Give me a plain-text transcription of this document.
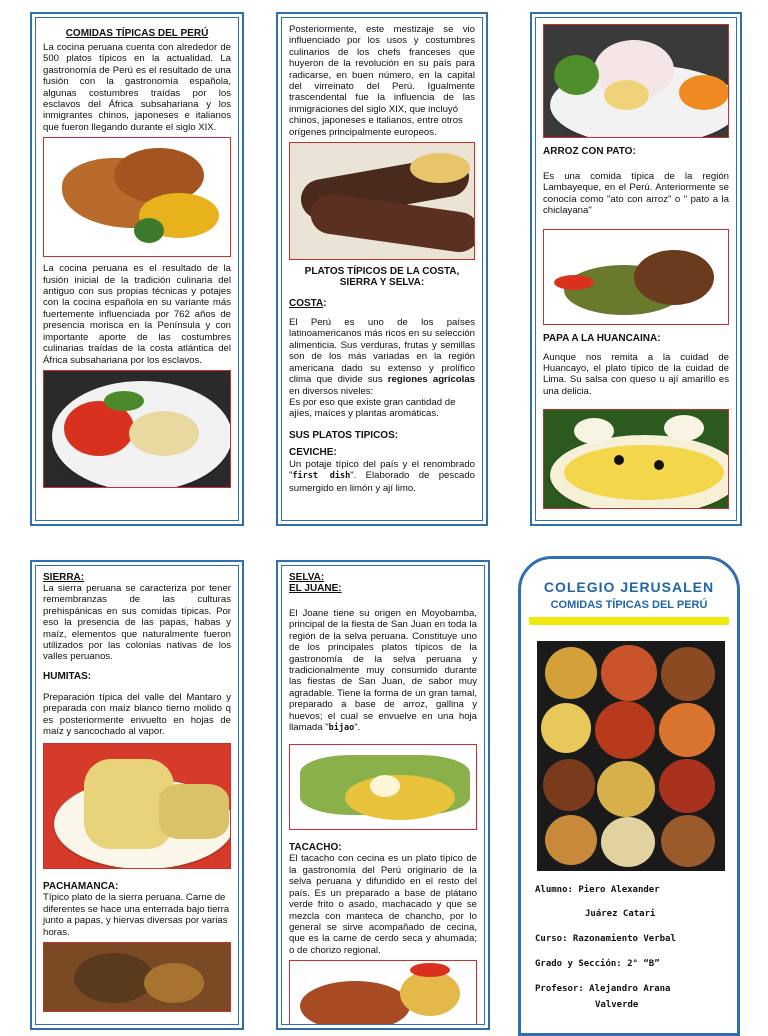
COMIDAS TÍPICAS DEL PERÚ

La cocina peruana cuenta con alrededor de 500 platos típicos en la actualidad. La gastronomía de Perú es el resultado de una fusión con la gastronomía española, algunas costumbres traídas por los esclavos del África subsahariana y los inmigrantes chinos, japoneses e italianos que fueron llegando durante el siglo XIX.

La cocina peruana es el resultado de la fusión inicial de la tradición culinaria del antiguo con sus propias técnicas y potajes con la cocina española en su variante más fuertemente influenciada por 762 años de presencia morisca en la Península y con importante aporte de las costumbres culinarias traídas de la costa atlántica del África subsahariana por los esclavos.

Posteriormente, este mestizaje se vio influenciado por los usos y costumbres culinarios de los chefs franceses que huyeron de la revolución en su país para radicarse, en buen número, en la capital del virreinato del Perú. Igualmente trascendental fue la influencia de las inmigraciones del siglo XIX, que incluyó

chinos, japoneses e italianos, entre otros orígenes principalmente europeos.

PLATOS TÍPICOS DE LA COSTA, SIERRA Y SELVA:
COSTA:

El Perú es uno de los países latinoamericanos más ricos en su selección alimenticia. Sus verduras, frutas y semillas son de los más variadas en la región americana dado su extenso y prolífico clima que divide sus regiones agrícolas en diversos niveles:

Es por eso que existe gran cantidad de ajíes, maíces y plantas aromáticas.

SUS PLATOS TIPICOS:
CEVICHE:

Un potaje típico del país y el renombrado "first dish". Elaborado de pescado sumergido en limón y ají limo.

ARROZ CON PATO:

Es una comida típica de la región Lambayeque, en el Perú. Anteriormente se conocía como "ato con arroz" o " pato a la chiclayana"

PAPA A LA HUANCAINA:

Aunque nos remita a la cuidad de Huancayo, el plato típico de la cuidad de Lima. Su salsa con queso u ají amarillo es una delicia.

SIERRA:

La sierra peruana se caracteriza por tener remembranzas de las culturas prehispánicas en sus comidas típicas. Por eso la presencia de las papas, habas y maíz, elementos que naturalmente fueron utilizados por las colonias nativas de los valles peruanos.

HUMITAS:

Preparación típica del valle del Mantaro y preparada con maíz blanco tierno molido q es posteriormente envuelto en hojas de maíz y sancochado al vapor.

PACHAMANCA:

Típico plato de la sierra peruana. Carne de diferentes se hace una enterrada bajo tierra junto a papas, y hiervas diversas por varias horas.

SELVA:
EL JUANE:

El Joane tiene su origen en Moyobamba, principal de la fiesta de San Juan en toda la región de la selva peruana. Constituye uno de los principales platos típicos de la gastronomía de la selva peruana y tradicionalmente muy consumido durante las fiestas de San Juan, de sabor muy agradable. Tiene la forma de un gran tamal, preparado a base de arroz, gallina y huevos; el cual se envuelve en una hoja llamada "bijao".

TACACHO:

El tacacho con cecina es un plato típico de la gastronomía del Perú originario de la selva peruana y difundido en el resto del país. Es un preparado a base de plátano verde frito o asado, machacado y que se mezcla con manteca de chancho, por lo general se sirve acompañado de cecina, que es la carne de cerdo seca y ahumada; o de chorizo regional.

COLEGIO JERUSALEN
COMIDAS TÍPICAS DEL PERÚ
Alumno: Piero Alexander
Juárez Catari
Curso: Razonamiento Verbal
Grado y Sección: 2° “B”
Profesor: Alejandro Arana
Valverde
